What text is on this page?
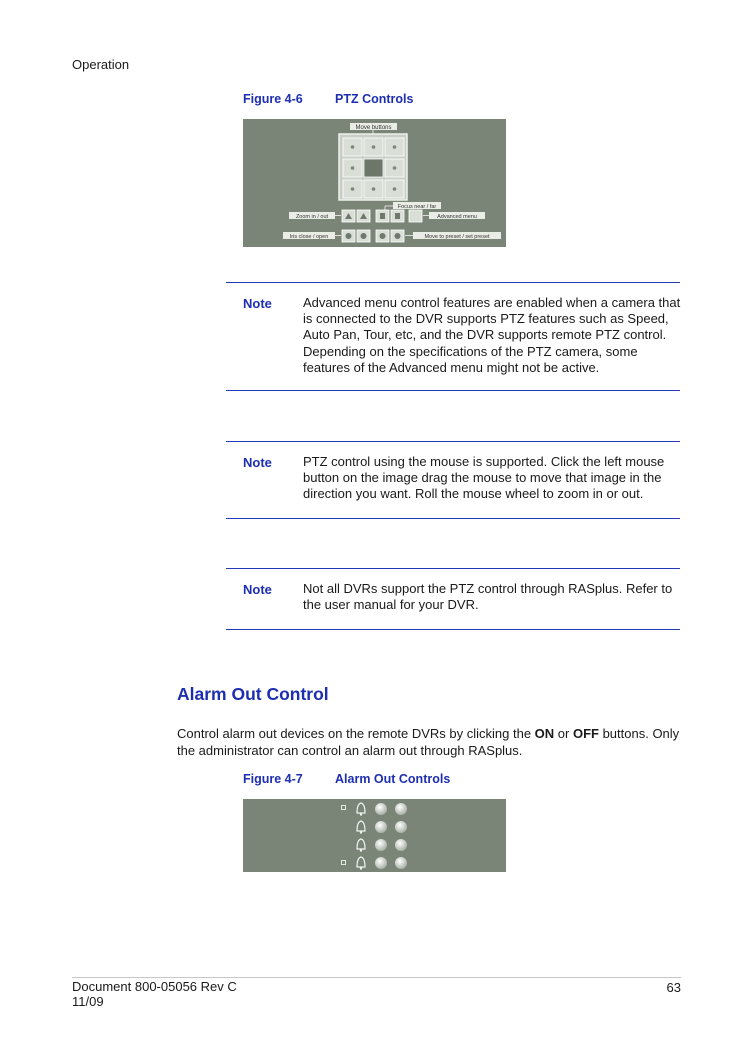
Operation
Figure 4-6	PTZ Controls
Move buttons
Focus near / far
Zoom in / out	Advanced menu
Iris close / open	Move to preset / set preset
Note Advanced menu control features are enabled when a camera that is connected to the DVR supports PTZ features such as Speed, Auto Pan, Tour, etc, and the DVR supports remote PTZ control. Depending on the specifications of the PTZ camera, some features of the Advanced menu might not be active.
Note PTZ control using the mouse is supported. Click the left mouse button on the image drag the mouse to move that image in the direction you want. Roll the mouse wheel to zoom in or out.
Note Not all DVRs support the PTZ control through RASplus. Refer to the user manual for your DVR.
Alarm Out Control
Control alarm out devices on the remote DVRs by clicking the ON or OFF buttons. Only the administrator can control an alarm out through RASplus.
Figure 4-7	Alarm Out Controls
Document 800-05056 Rev C
11/09
63
